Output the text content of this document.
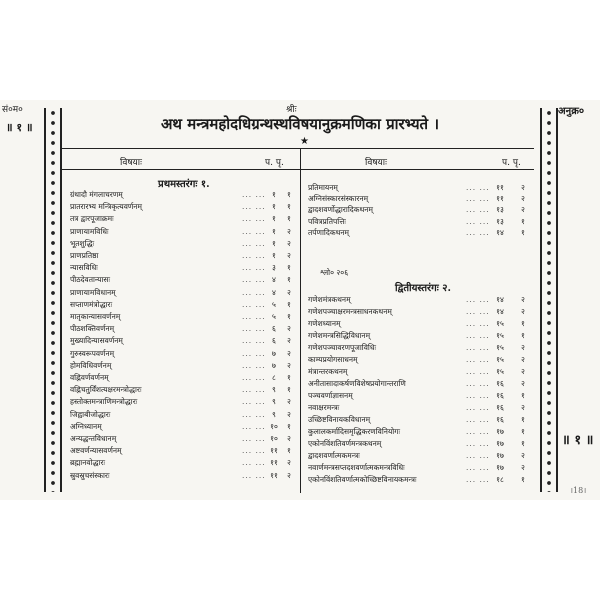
सं०म०
॥ १ ॥
अनुक्र०
॥ १ ॥
।18।
श्रीः
अथ मन्त्रमहोदधिग्रन्थस्थविषयानुक्रमणिका प्रारभ्यते ।
★
विषयाः	प. पृ.	विषयाः	प. पृ.
प्रथमस्तरंगः १.
ग्रंथादौ मंगलाचरणम्	... ... १	१
प्रातरारभ्य मन्त्रिकृत्यवर्णनम्	... ... १	१
तत्र द्वारपूजाक्रमः	... ... १	१
प्राणायामविधिः	... ... १	२
भूतशुद्धिः	... ... १	२
प्राणप्रतिष्ठा	... ... १	२
न्यासविधिः	... ... ३	१
पीठदेवतान्यासः	... ... ४	१
प्राणायामविधानम्	... ... ४	२
सप्ताणमंत्रोद्धारः	... ... ५	१
मातृकान्यासवर्णनम्	... ... ५	१
पीठशक्तिवर्णनम्	... ... ६	२
मुख्यादिन्यासवर्णनम्	... ... ६	२
गुरुस्वरूपवर्णनम्	... ... ७	२
होमविधिवर्णनम्	... ... ७	२
वह्निवर्णवर्णनम्	... ... ८	१
वह्निचतुर्विंशत्यक्षरमन्त्रोद्धारः	... ... ९	१
हस्तोक्तमन्त्राणिमन्त्रोद्धारः	... ... ९	२
जिह्वाबीजोद्धारः	... ... ९	२
अग्निध्यानम्	... ... १०	१
अन्यद्धन्तविधानम्	... ... १०	२
अष्टवर्णन्यासवर्णनम्	... ... ११	१
ब्रह्मानवोद्धारः	... ... ११	२
स्रुवस्रुचसंस्कारः	... ... ११	२
प्रतिमायनम्	... ... ११	२
अग्निसंस्कारसंस्कारनम्	... ... ११	२
द्वादशवर्णोद्धारादिकथनम्	... ... १३	२
पवित्रप्रतिपत्तिः	... ... १३	१
तर्पणादिकथनम्	... ... १४	१
श्लो० २०६
द्वितीयस्तरंगः २.
गणेशमंत्रकथनम्	... ... १४	२
गणेशपञ्चाक्षरमन्त्रसाधनकथनम्	... ... १४	२
गणेशध्यानम्	... ... १५	१
गणेशमन्त्रसिद्धिविधानम्	... ... १५	१
गणेशपञ्चावरणपूजाविधिः	... ... १५	२
काम्यप्रयोगसाधनम्	... ... १५	२
मंत्रान्तरकथनम्	... ... १५	२
अनीतासादाकर्षणविशेषप्रयोगान्तराणि	... ... १६	२
पञ्चवर्णाज्ञासनम्	... ... १६	१
नवाक्षरमन्त्रः	... ... १६	२
उच्छिष्टविनायकविधानम्	... ... १६	१
कुलालकर्मादिसमृद्धिकरणविनियोगः	... ... १७	१
एकोनविंशतिवर्णमन्त्रकथनम्	... ... १७	१
द्वादशवर्णात्मकमन्त्रः	... ... १७	२
नवार्णमन्त्रसप्तदशवर्णात्मकमन्त्रविधिः	... ... १७	२
एकोनविंशतिवर्णात्मकोच्छिष्टविनायकमन्त्रः	... ... १८	१
